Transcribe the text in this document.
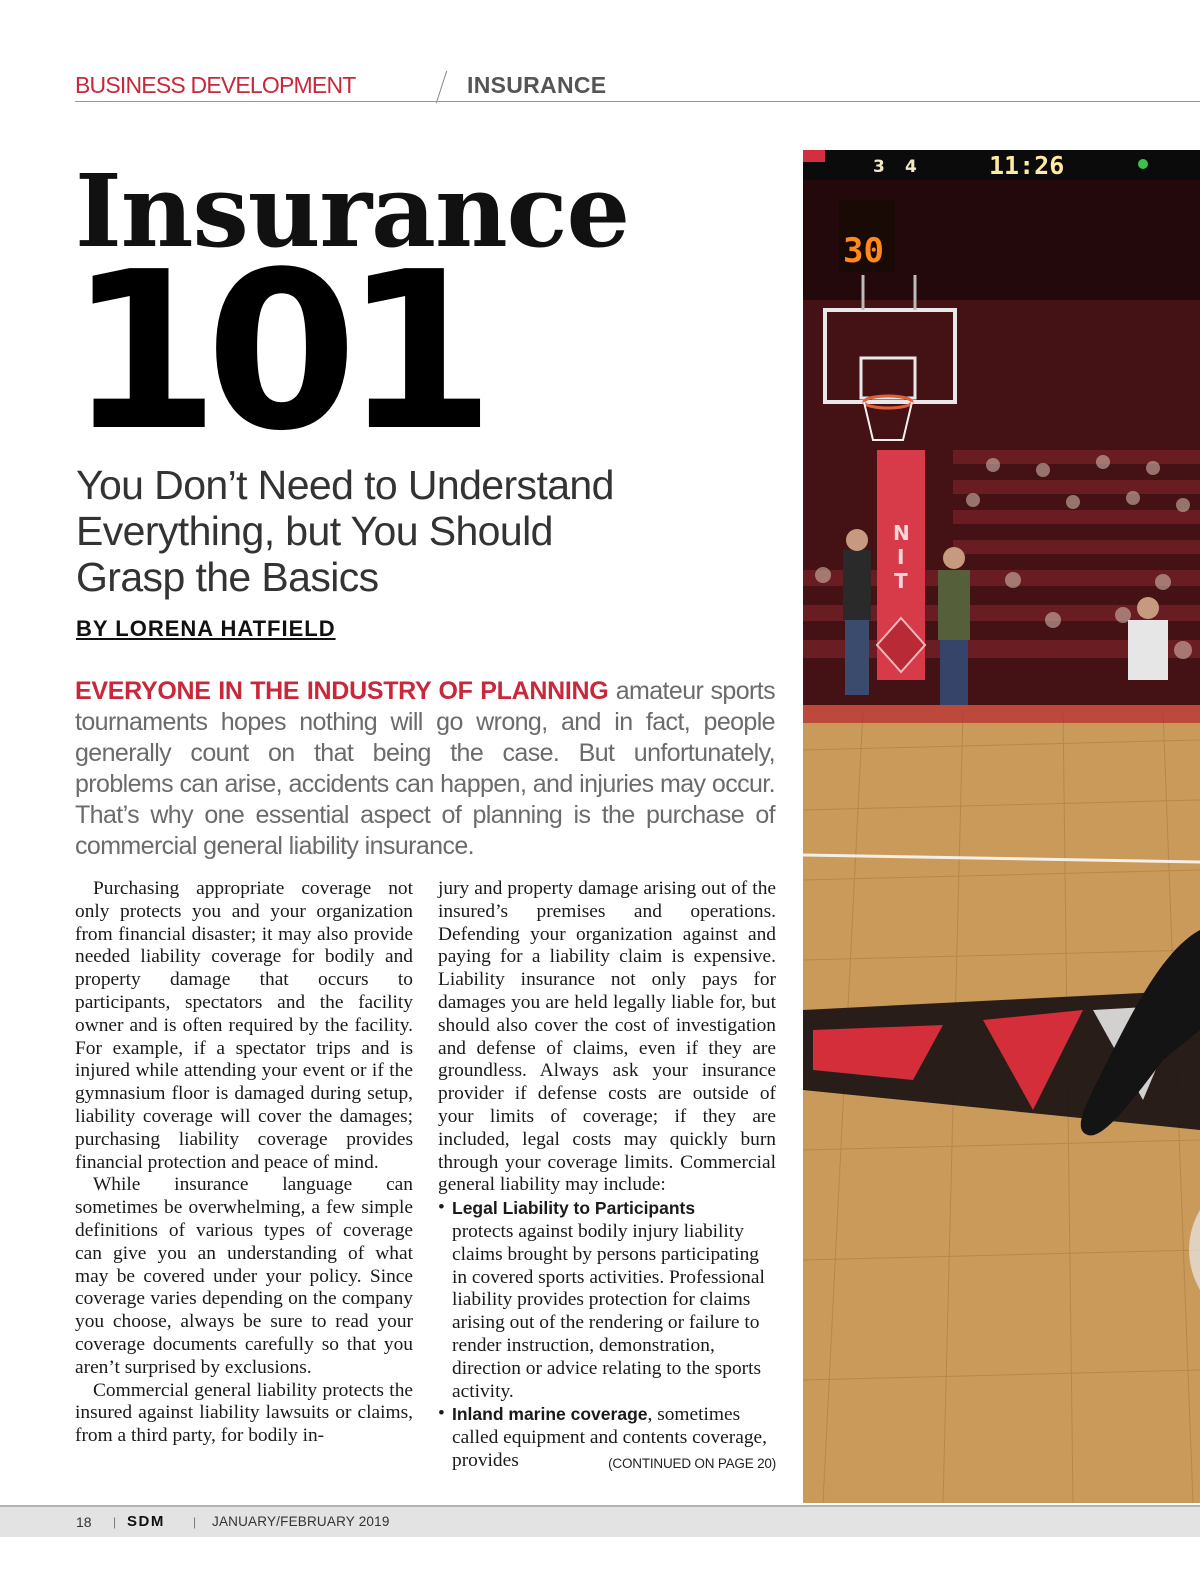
BUSINESS DEVELOPMENT	INSURANCE
Insurance
101
You Don’t Need to Understand
Everything, but You Should
Grasp the Basics
BY LORENA HATFIELD

EVERYONE IN THE INDUSTRY OF PLANNING amateur sports tournaments hopes nothing will go wrong, and in fact, people generally count on that being the case. But unfortunately, problems can arise, accidents can happen, and injuries may occur. That’s why one essential aspect of planning is the purchase of commercial general liability insurance.

Purchasing appropriate coverage not only protects you and your organization from financial disaster; it may also provide needed liability coverage for bodily and property damage that occurs to participants, spectators and the facility owner and is often required by the facility. For example, if a spectator trips and is injured while attending your event or if the gymnasium floor is damaged during setup, liability coverage will cover the damages; purchasing liability coverage provides financial protection and peace of mind.

While insurance language can sometimes be overwhelming, a few simple definitions of various types of coverage can give you an understanding of what may be covered under your policy. Since coverage varies depending on the company you choose, always be sure to read your coverage documents carefully so that you aren’t surprised by exclusions.

Commercial general liability protects the insured against liability lawsuits or claims, from a third party, for bodily in-

jury and property damage arising out of the insured’s premises and operations. Defending your organization against and paying for a liability claim is expensive. Liability insurance not only pays for damages you are held legally liable for, but should also cover the cost of investigation and defense of claims, even if they are groundless. Always ask your insurance provider if defense costs are outside of your limits of coverage; if they are included, legal costs may quickly burn through your coverage limits. Commercial general liability may include:

• Legal Liability to Participants
protects against bodily injury liability claims brought by persons participating in covered sports activities. Professional liability provides protection for claims arising out of the rendering or failure to render instruction, demonstration, direction or advice relating to the sports activity.
• Inland marine coverage, sometimes called equipment and contents coverage, provides	(CONTINUED ON PAGE 20)
3 4	11:26
30
N
I
T
18 | SDM | JANUARY/FEBRUARY 2019
